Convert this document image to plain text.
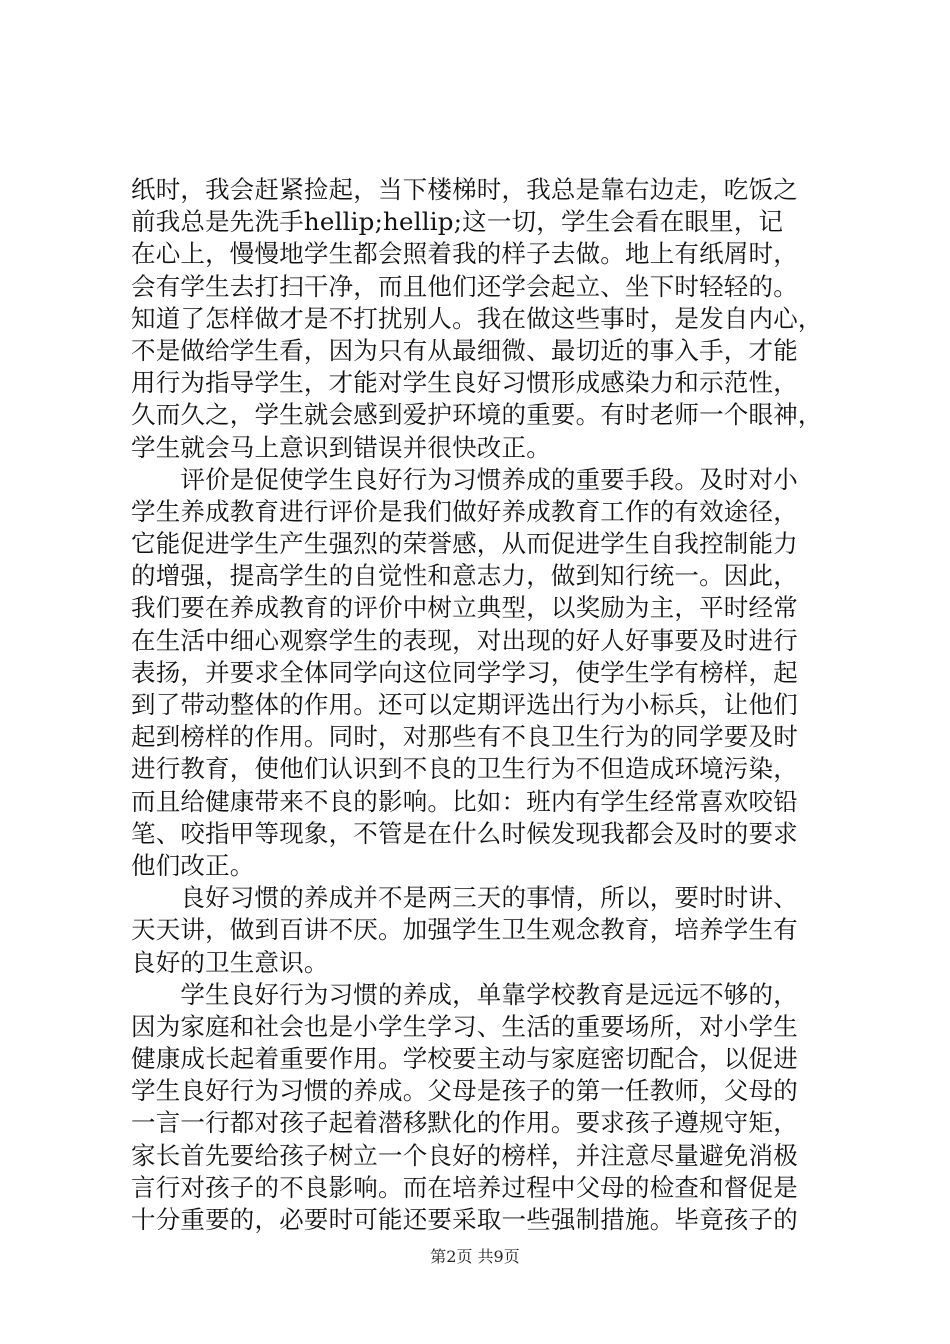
纸时，我会赶紧捡起，当下楼梯时，我总是靠右边走，吃饭之
前我总是先洗手hellip;hellip;这一切，学生会看在眼里，记
在心上，慢慢地学生都会照着我的样子去做。地上有纸屑时，
会有学生去打扫干净，而且他们还学会起立、坐下时轻轻的。
知道了怎样做才是不打扰别人。我在做这些事时，是发自内心，
不是做给学生看，因为只有从最细微、最切近的事入手，才能
用行为指导学生，才能对学生良好习惯形成感染力和示范性，
久而久之，学生就会感到爱护环境的重要。有时老师一个眼神，
学生就会马上意识到错误并很快改正。
　　评价是促使学生良好行为习惯养成的重要手段。及时对小
学生养成教育进行评价是我们做好养成教育工作的有效途径，
它能促进学生产生强烈的荣誉感，从而促进学生自我控制能力
的增强，提高学生的自觉性和意志力，做到知行统一。因此，
我们要在养成教育的评价中树立典型，以奖励为主，平时经常
在生活中细心观察学生的表现，对出现的好人好事要及时进行
表扬，并要求全体同学向这位同学学习，使学生学有榜样，起
到了带动整体的作用。还可以定期评选出行为小标兵，让他们
起到榜样的作用。同时，对那些有不良卫生行为的同学要及时
进行教育，使他们认识到不良的卫生行为不但造成环境污染，
而且给健康带来不良的影响。比如：班内有学生经常喜欢咬铅
笔、咬指甲等现象，不管是在什么时候发现我都会及时的要求
他们改正。
　　良好习惯的养成并不是两三天的事情，所以，要时时讲、
天天讲，做到百讲不厌。加强学生卫生观念教育，培养学生有
良好的卫生意识。
　　学生良好行为习惯的养成，单靠学校教育是远远不够的，
因为家庭和社会也是小学生学习、生活的重要场所，对小学生
健康成长起着重要作用。学校要主动与家庭密切配合，以促进
学生良好行为习惯的养成。父母是孩子的第一任教师，父母的
一言一行都对孩子起着潜移默化的作用。要求孩子遵规守矩，
家长首先要给孩子树立一个良好的榜样，并注意尽量避免消极
言行对孩子的不良影响。而在培养过程中父母的检查和督促是
十分重要的，必要时可能还要采取一些强制措施。毕竟孩子的
第2页 共9页
